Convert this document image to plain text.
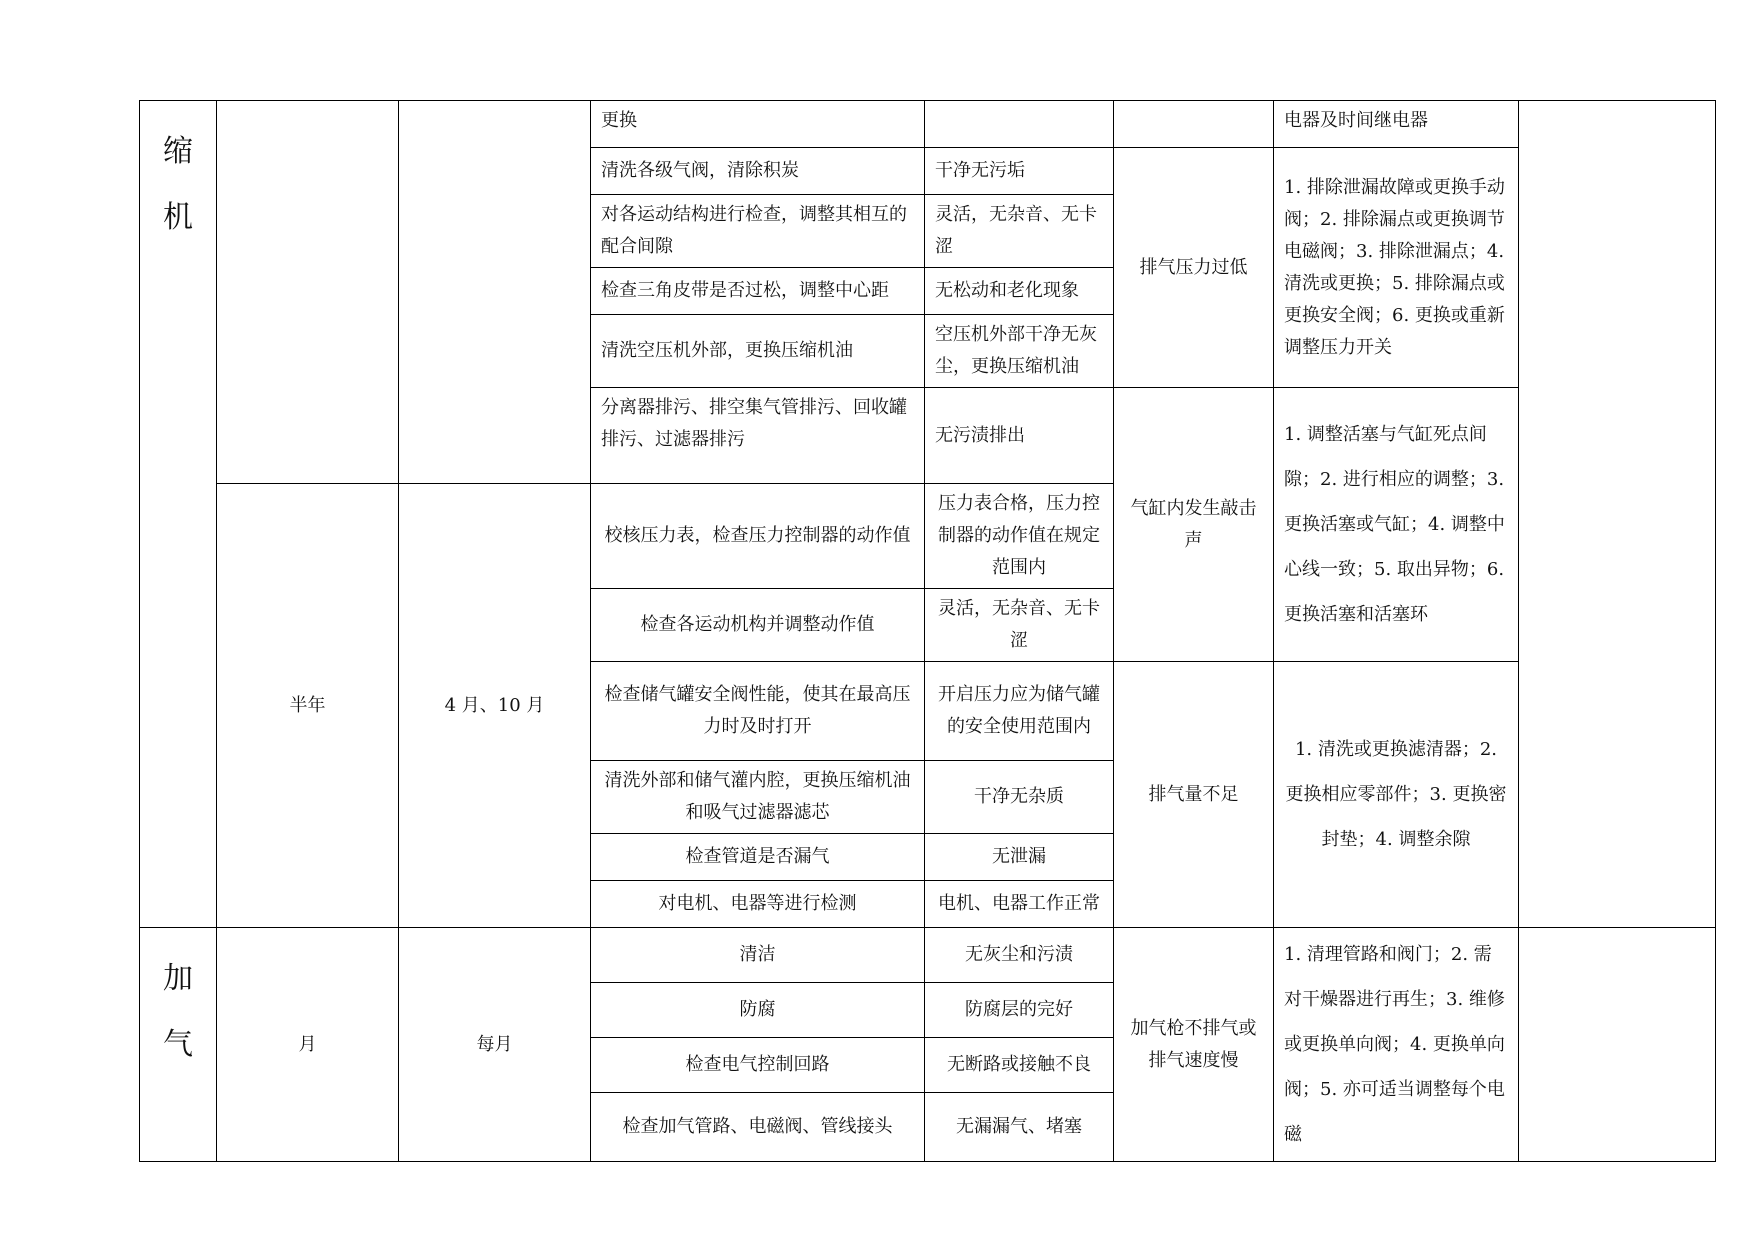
缩
机			更换			电器及时间继电器	
			清洗各级气阀，清除积炭	干净无污垢	排气压力过低	1. 排除泄漏故障或更换手动阀；2. 排除漏点或更换调节电磁阀；3. 排除泄漏点；4. 清洗或更换；5. 排除漏点或更换安全阀；6. 更换或重新调整压力开关	
			对各运动结构进行检查，调整其相互的配合间隙	灵活，无杂音、无卡涩			
			检查三角皮带是否过松，调整中心距	无松动和老化现象			
			清洗空压机外部，更换压缩机油	空压机外部干净无灰尘，更换压缩机油			
			分离器排污、排空集气管排污、回收罐排污、过滤器排污	无污渍排出	气缸内发生敲击声	1. 调整活塞与气缸死点间隙；2. 进行相应的调整；3. 更换活塞或气缸；4. 调整中心线一致；5. 取出异物；6. 更换活塞和活塞环	

	半年	4 月、10 月	校核压力表，检查压力控制器的动作值	压力表合格，压力控制器的动作值在规定范围内			
			检查各运动机构并调整动作值	灵活，无杂音、无卡涩			
			检查储气罐安全阀性能，使其在最高压力时及时打开	开启压力应为储气罐的安全使用范围内	排气量不足	1. 清洗或更换滤清器；2. 更换相应零部件；3. 更换密封垫；4. 调整余隙	
			清洗外部和储气灌内腔，更换压缩机油和吸气过滤器滤芯	干净无杂质			
			检查管道是否漏气	无泄漏			
			对电机、电器等进行检测	电机、电器工作正常			

加
气	月	每月	清洁	无灰尘和污渍	加气枪不排气或排气速度慢	1. 清理管路和阀门；2. 需对干燥器进行再生；3. 维修或更换单向阀；4. 更换单向阀；5. 亦可适当调整每个电磁	
			防腐	防腐层的完好			
			检查电气控制回路	无断路或接触不良			
			检查加气管路、电磁阀、管线接头	无漏漏气、堵塞			
